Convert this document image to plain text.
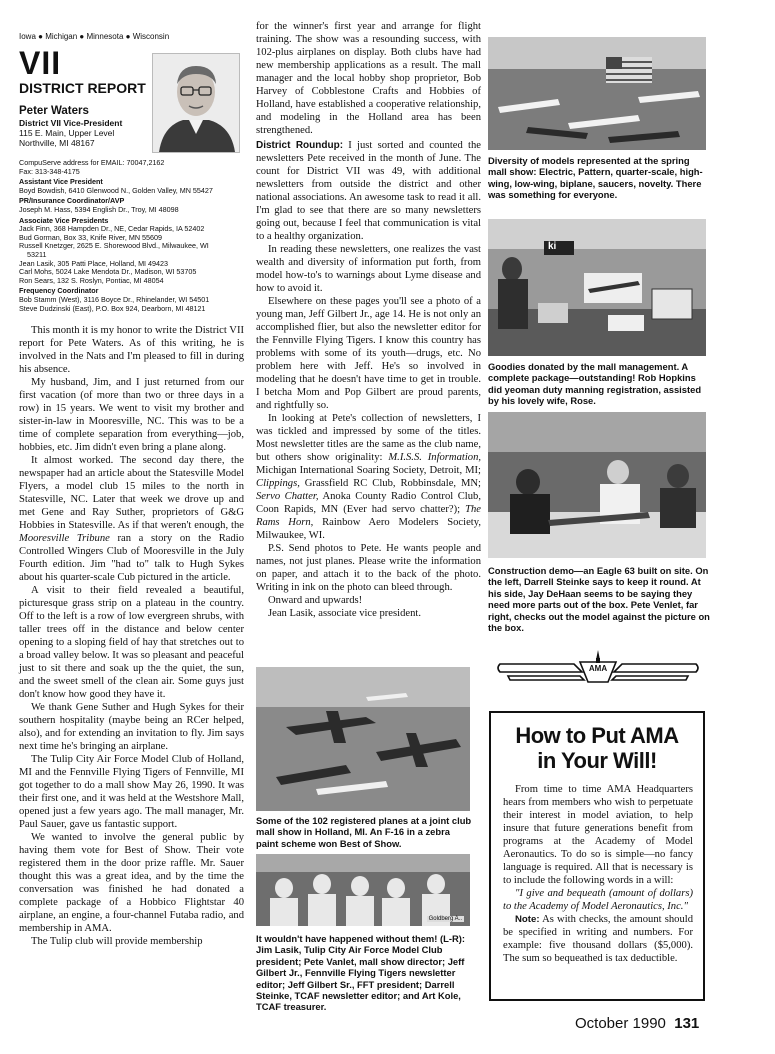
Iowa ● Michigan ● Minnesota ● Wisconsin
VII
DISTRICT REPORT
Peter Waters
District VII Vice-President
115 E. Main, Upper Level
Northville, MI 48167
CompuServe address for EMAIL: 70047,2162
Fax: 313-348-4175
Assistant Vice President
Boyd Bowdish, 6410 Glenwood N., Golden Valley, MN 55427
PR/Insurance Coordinator/AVP
Joseph M. Hass, 5394 English Dr., Troy, MI 48098
Associate Vice Presidents
Jack Finn, 368 Hampden Dr., NE, Cedar Rapids, IA 52402
Bud Gorman, Box 33, Knife River, MN 55609
Russell Knetzger, 2625 E. Shorewood Blvd., Milwaukee, WI
53211
Jean Lasik, 305 Patti Place, Holland, MI 49423
Carl Mohs, 5024 Lake Mendota Dr., Madison, WI 53705
Ron Sears, 132 S. Roslyn, Pontiac, MI 48054
Frequency Coordinator
Bob Stamm (West), 3116 Boyce Dr., Rhinelander, WI 54501
Steve Dudzinski (East), P.O. Box 924, Dearborn, MI 48121

This month it is my honor to write the District VII report for Pete Waters. As of this writing, he is involved in the Nats and I'm pleased to fill in during his absence.

My husband, Jim, and I just returned from our first vacation (of more than two or three days in a row) in 15 years. We went to visit my brother and sister-in-law in Mooresville, NC. This was to be a time of complete separation from everything—job, hobbies, etc. Jim didn't even bring a plane along.

It almost worked. The second day there, the newspaper had an article about the Statesville Model Flyers, a model club 15 miles to the north in Statesville, NC. Later that week we drove up and met Gene and Ray Suther, proprietors of G&G Hobbies in Statesville. As if that weren't enough, the Mooresville Tribune ran a story on the Radio Controlled Wingers Club of Mooresville in the July Fourth edition. Jim "had to" talk to Hugh Sykes about his quarter-scale Cub pictured in the article.

A visit to their field revealed a beautiful, picturesque grass strip on a plateau in the country. Off to the left is a row of low evergreen shrubs, with taller trees off in the distance and below center opening to a sloping field of hay that stretches out to a broad valley below. It was so pleasant and peaceful just to sit there and soak up the the quiet, the sun, and the sweet smell of the clean air. Some guys just don't know how good they have it.

We thank Gene Suther and Hugh Sykes for their southern hospitality (maybe being an RCer helped, also), and for extending an invitation to fly. Jim says next time he's bringing an airplane.

The Tulip City Air Force Model Club of Holland, MI and the Fennville Flying Tigers of Fennville, MI got together to do a mall show May 26, 1990. It was their first one, and it was held at the Westshore Mall, opened just a few years ago. The mall manager, Mr. Paul Sauer, gave us fantastic support.

We wanted to involve the general public by having them vote for Best of Show. Their vote registered them in the door prize raffle. Mr. Sauer thought this was a great idea, and by the time the conversation was finished he had donated a complete package of a Hobbico Flightstar 40 airplane, an engine, a four-channel Futaba radio, and membership in AMA.

The Tulip club will provide membership

for the winner's first year and arrange for flight training. The show was a resounding success, with 102-plus airplanes on display. Both clubs have had new membership applications as a result. The mall manager and the local hobby shop proprietor, Bob Harvey of Cobblestone Crafts and Hobbies of Holland, have established a cooperative relationship, and modeling in the Holland area has been strengthened.

District Roundup: I just sorted and counted the newsletters Pete received in the month of June. The count for District VII was 49, with additional newsletters from outside the district and other national associations. An awesome task to read it all. I'm glad to see that there are so many newsletters going out, because I feel that communication is vital to a healthy organization.

In reading these newsletters, one realizes the vast wealth and diversity of information put forth, from model how-to's to warnings about Lyme disease and how to avoid it.

Elsewhere on these pages you'll see a photo of a young man, Jeff Gilbert Jr., age 14. He is not only an accomplished flier, but also the newsletter editor for the Fennville Flying Tigers. I know this country has problems with some of its youth—drugs, etc. No problem here with Jeff. He's so involved in modeling that he doesn't have time to get in trouble. I betcha Mom and Pop Gilbert are proud parents, and rightfully so.

In looking at Pete's collection of newsletters, I was tickled and impressed by some of the titles. Most newsletter titles are the same as the club name, but others show originality: M.I.S.S. Information, Michigan International Soaring Society, Detroit, MI; Clippings, Grassfield RC Club, Robbinsdale, MN; Servo Chatter, Anoka County Radio Control Club, Coon Rapids, MN (Ever had servo chatter?); The Rams Horn, Rainbow Aero Modelers Society, Milwaukee, WI.

P.S. Send photos to Pete. He wants people and names, not just planes. Please write the information on paper, and attach it to the back of the photo. Writing in ink on the photo can bleed through.

Onward and upwards!

Jean Lasik, associate vice president.

Some of the 102 registered planes at a joint club mall show in Holland, MI. An F-16 in a zebra paint scheme won Best of Show.
Goldberg A..
It wouldn't have happened without them! (L-R): Jim Lasik, Tulip City Air Force Model Club president; Pete Vanlet, mall show director; Jeff Gilbert Jr., Fennville Flying Tigers newsletter editor; Jeff Gilbert Sr., FFT president; Darrell Steinke, TCAF newsletter editor; and Art Kole, TCAF treasurer.
Diversity of models represented at the spring mall show: Electric, Pattern, quarter-scale, high-wing, low-wing, biplane, saucers, novelty. There was something for everyone.
ki
Goodies donated by the mall management. A complete package—outstanding! Rob Hopkins did yeoman duty manning registration, assisted by his lovely wife, Rose.
Construction demo—an Eagle 63 built on site. On the left, Darrell Steinke says to keep it round. At his side, Jay DeHaan seems to be saying they need more parts out of the box. Pete Venlet, far right, checks out the model against the picture on the box.
AMA
How to Put AMA
in Your Will!

From time to time AMA Headquarters hears from members who wish to perpetuate their interest in model aviation, to help insure that future generations benefit from programs at the Academy of Model Aeronautics. To do so is simple—no fancy language is required. All that is necessary is to include the following words in a will:

"I give and bequeath (amount of dollars) to the Academy of Model Aeronautics, Inc."

Note: As with checks, the amount should be specified in writing and numbers. For example: five thousand dollars ($5,000). The sum so bequeathed is tax deductible.

October 1990 131
